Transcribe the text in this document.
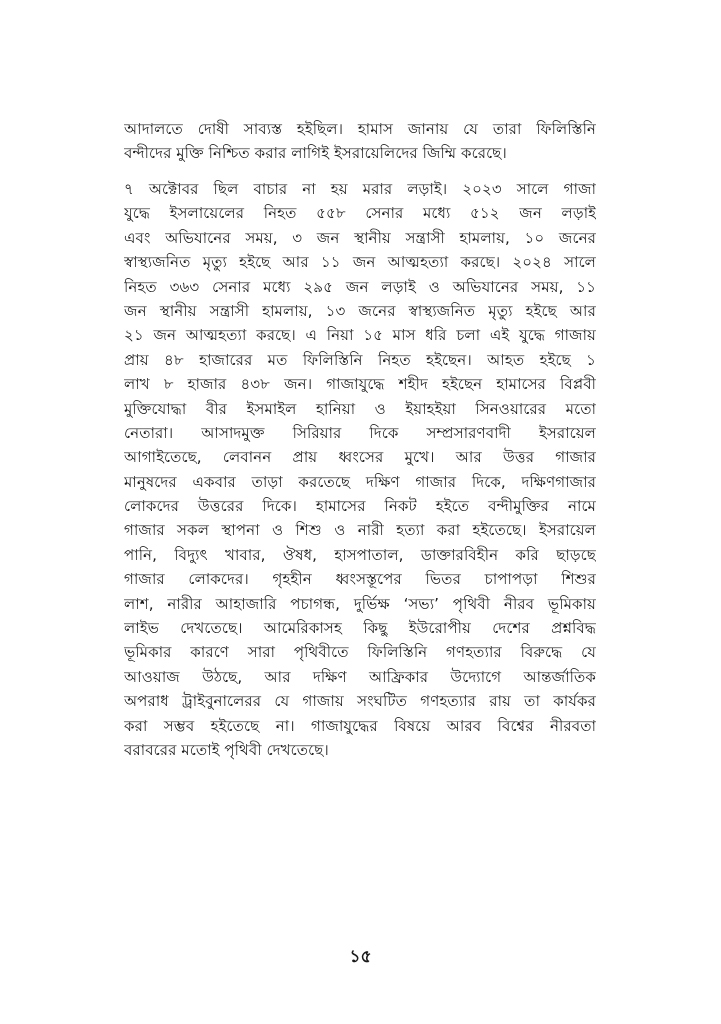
আদালতে দোষী সাব্যস্ত হইছিল। হামাস জানায় যে তারা ফিলিস্তিনি
বন্দীদের মুক্তি নিশ্চিত করার লাগিই ইসরায়েলিদের জিম্মি করেছে।
৭ অক্টোবর ছিল বাচার না হয় মরার লড়াই। ২০২৩ সালে গাজা
যুদ্ধে ইসলায়েলের নিহত ৫৫৮ সেনার মধ্যে ৫১২ জন লড়াই
এবং অভিযানের সময়, ৩ জন স্থানীয় সন্ত্রাসী হামলায়, ১০ জনের
স্বাস্থ্যজনিত মৃত্যু হইছে আর ১১ জন আত্মহত্যা করছে। ২০২৪ সালে
নিহত ৩৬৩ সেনার মধ্যে ২৯৫ জন লড়াই ও অভিযানের সময়, ১১
জন স্থানীয় সন্ত্রাসী হামলায়, ১৩ জনের স্বাস্থ্যজনিত মৃত্যু হইছে আর
২১ জন আত্মহত্যা করছে। এ নিয়া ১৫ মাস ধরি চলা এই যুদ্ধে গাজায়
প্রায় ৪৮ হাজারের মত ফিলিস্তিনি নিহত হইছেন। আহত হইছে ১
লাখ ৮ হাজার ৪৩৮ জন। গাজাযুদ্ধে শহীদ হইছেন হামাসের বিপ্লবী
মুক্তিযোদ্ধা বীর ইসমাইল হানিয়া ও ইয়াহইয়া সিনওয়ারের মতো
নেতারা। আসাদমুক্ত সিরিয়ার দিকে সম্প্রসারণবাদী ইসরায়েল
আগাইতেছে, লেবানন প্রায় ধ্বংসের মুখে। আর উত্তর গাজার
মানুষদের একবার তাড়া করতেছে দক্ষিণ গাজার দিকে, দক্ষিণগাজার
লোকদের উত্তরের দিকে। হামাসের নিকট হইতে বন্দীমুক্তির নামে
গাজার সকল স্থাপনা ও শিশু ও নারী হত্যা করা হইতেছে। ইসরায়েল
পানি, বিদ্যুৎ খাবার, ঔষধ, হাসপাতাল, ডাক্তারবিহীন করি ছাড়ছে
গাজার লোকদের। গৃহহীন ধ্বংসস্তূপের ভিতর চাপাপড়া শিশুর
লাশ, নারীর আহাজারি পচাগন্ধ, দুর্ভিক্ষ ‘সভ্য’ পৃথিবী নীরব ভূমিকায়
লাইভ দেখতেছে। আমেরিকাসহ কিছু ইউরোপীয় দেশের প্রশ্নবিদ্ধ
ভূমিকার কারণে সারা পৃথিবীতে ফিলিস্তিনি গণহত্যার বিরুদ্ধে যে
আওয়াজ উঠছে, আর দক্ষিণ আফ্রিকার উদ্যোগে আন্তর্জাতিক
অপরাধ ট্রাইবুনালেরর যে গাজায় সংঘটিত গণহত্যার রায় তা কার্যকর
করা সম্ভব হইতেছে না। গাজাযুদ্ধের বিষয়ে আরব বিশ্বের নীরবতা
বরাবরের মতোই পৃথিবী দেখতেছে।
১৫
